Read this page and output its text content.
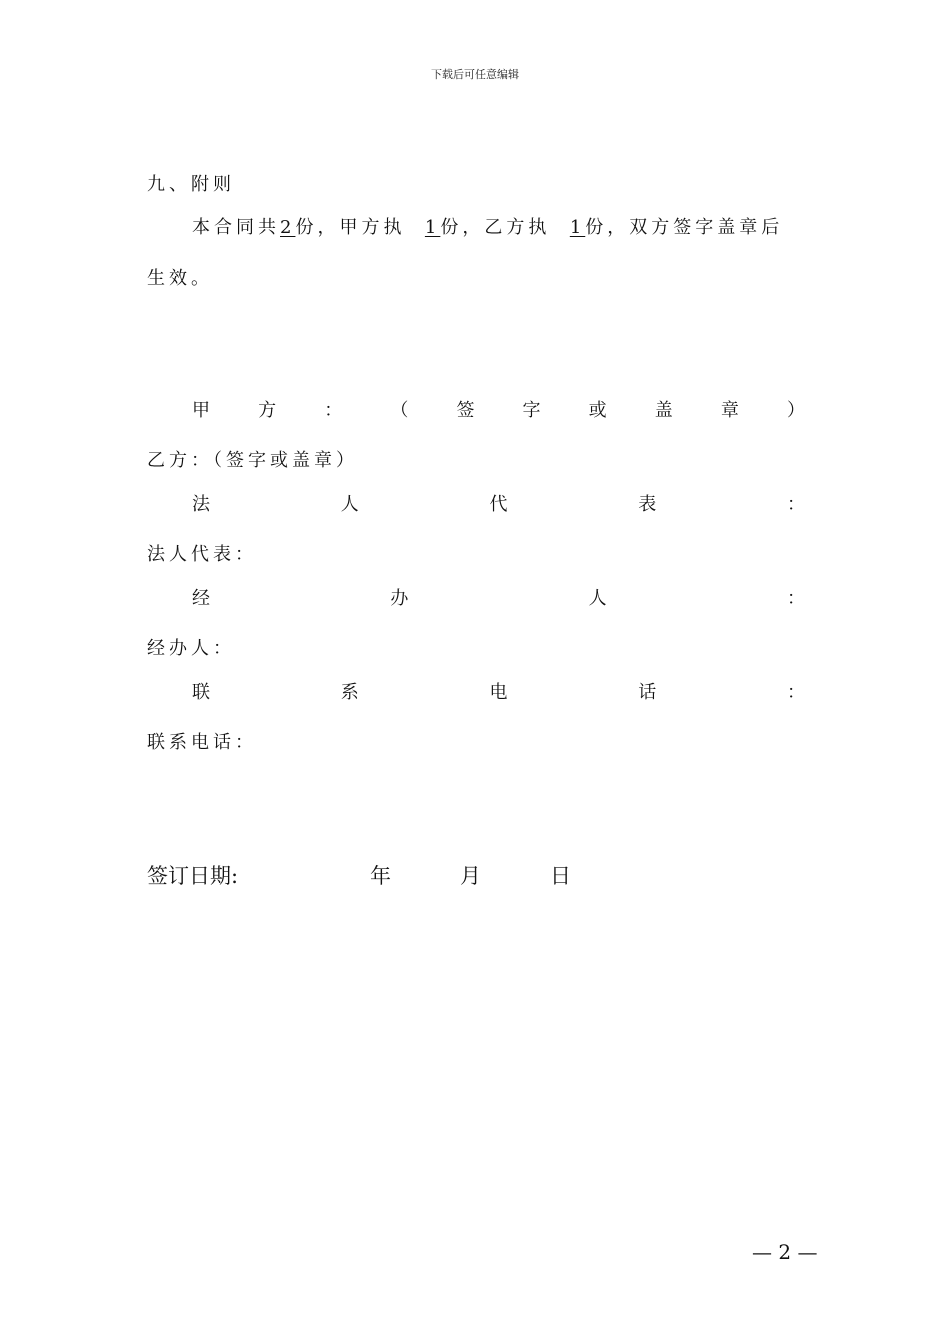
下载后可任意编辑
九、附则
本合同共2份，甲方执 1份，乙方执 1份，双方签字盖章后
生效。
甲	方	：	（	签	字	或	盖	章	）
乙方：（签字或盖章）
法	人	代	表	：
法人代表：
经	办	人	：
经办人：
联	系	电	话	：
联系电话：
签订日期:	年	月	日
— 2 —
